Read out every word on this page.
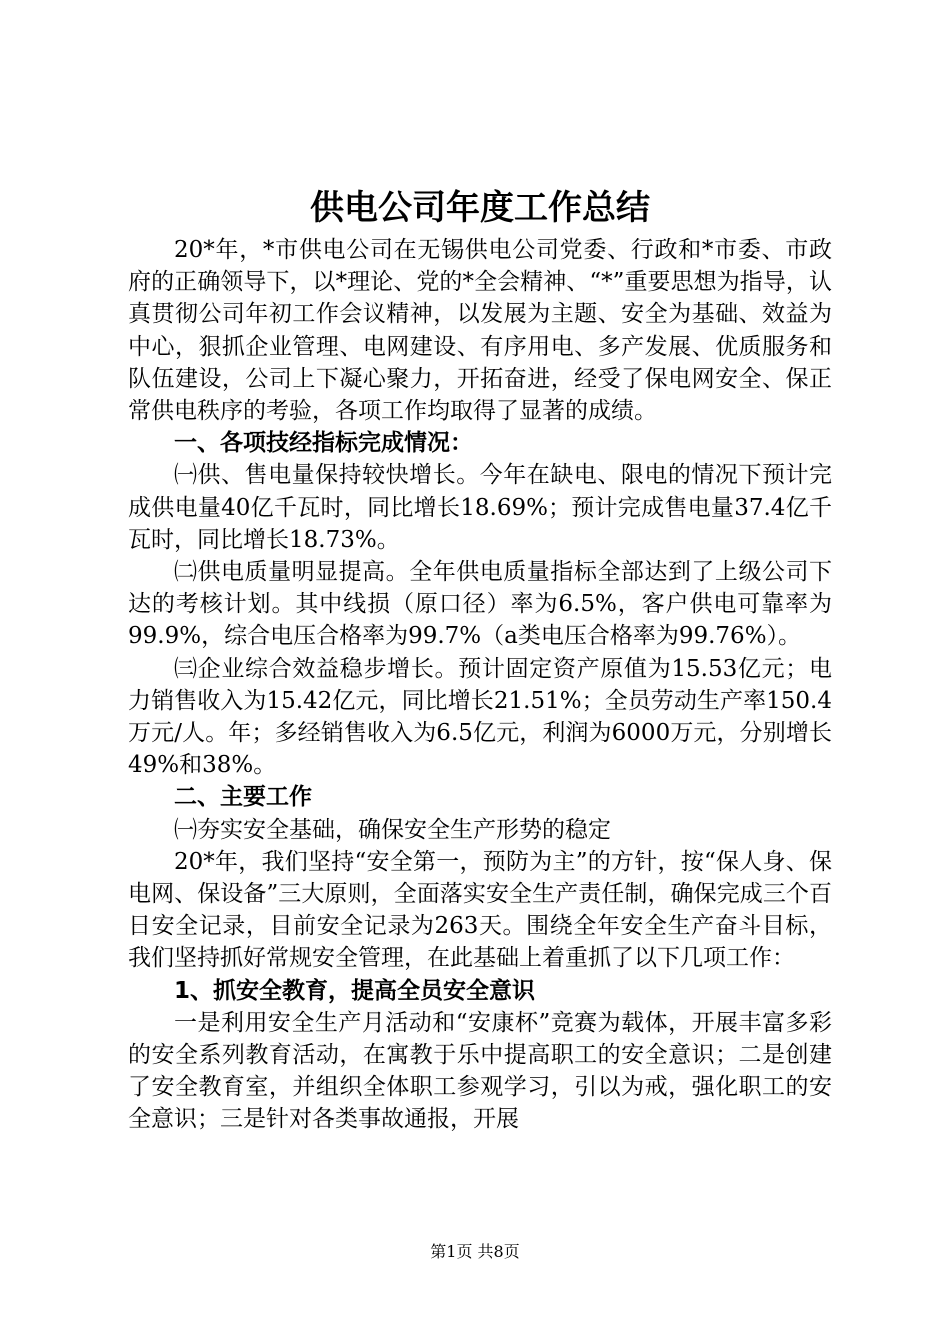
供电公司年度工作总结

20*年，*市供电公司在无锡供电公司党委、行政和*市委、市政府的正确领导下，以*理论、党的*全会精神、“*”重要思想为指导，认真贯彻公司年初工作会议精神，以发展为主题、安全为基础、效益为中心，狠抓企业管理、电网建设、有序用电、多产发展、优质服务和队伍建设，公司上下凝心聚力，开拓奋进，经受了保电网安全、保正常供电秩序的考验，各项工作均取得了显著的成绩。

一、各项技经指标完成情况：

㈠供、售电量保持较快增长。今年在缺电、限电的情况下预计完成供电量40亿千瓦时，同比增长18.69%；预计完成售电量37.4亿千瓦时，同比增长18.73%。

㈡供电质量明显提高。全年供电质量指标全部达到了上级公司下达的考核计划。其中线损（原口径）率为6.5%，客户供电可靠率为99.9%，综合电压合格率为99.7%（a类电压合格率为99.76%）。

㈢企业综合效益稳步增长。预计固定资产原值为15.53亿元；电力销售收入为15.42亿元，同比增长21.51%；全员劳动生产率150.4万元/人。年；多经销售收入为6.5亿元，利润为6000万元，分别增长49%和38%。

二、主要工作

㈠夯实安全基础，确保安全生产形势的稳定

20*年，我们坚持“安全第一，预防为主”的方针，按“保人身、保电网、保设备”三大原则，全面落实安全生产责任制，确保完成三个百日安全记录，目前安全记录为263天。围绕全年安全生产奋斗目标，我们坚持抓好常规安全管理，在此基础上着重抓了以下几项工作：

1、抓安全教育，提高全员安全意识

一是利用安全生产月活动和“安康杯”竞赛为载体，开展丰富多彩的安全系列教育活动，在寓教于乐中提高职工的安全意识；二是创建了安全教育室，并组织全体职工参观学习，引以为戒，强化职工的安全意识；三是针对各类事故通报，开展

第1页 共8页
